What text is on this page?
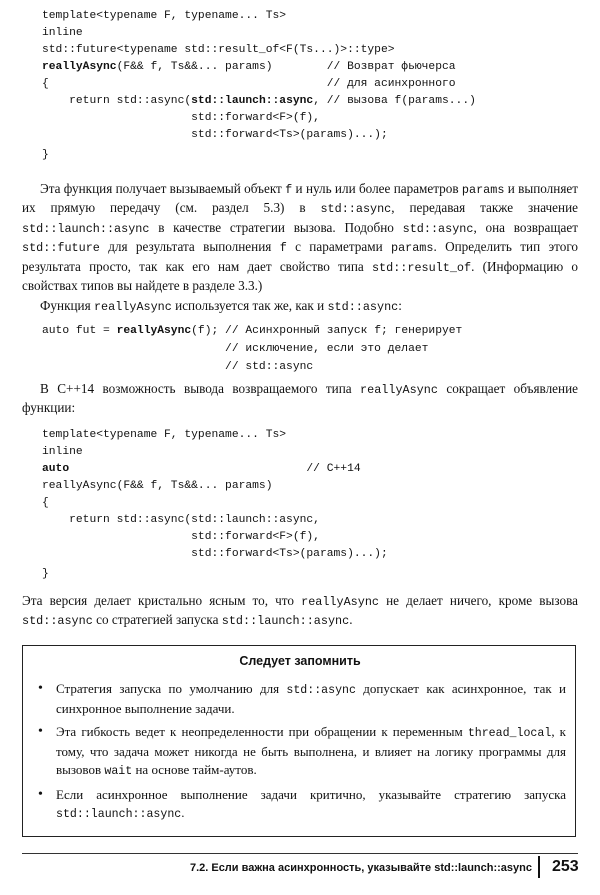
template<typename F, typename... Ts>
inline
std::future<typename std::result_of<F(Ts...)>::type>
reallyAsync(F&& f, Ts&&... params)        // Возврат фьючерса
{                                         // для асинхронного
return std::async(std::launch::async, // вызова f(params...)
std::forward<F>(f),
std::forward<Ts>(params)...);
}
Эта функция получает вызываемый объект f и нуль или более параметров params и выполняет их прямую передачу (см. раздел 5.3) в std::async, передавая также значение std::launch::async в качестве стратегии вызова. Подобно std::async, она возвращает std::future для результата выполнения f с параметрами params. Определить тип этого результата просто, так как его нам дает свойство типа std::result_of. (Информацию о свойствах типов вы найдете в разделе 3.3.)
Функция reallyAsync используется так же, как и std::async:
auto fut = reallyAsync(f); // Асинхронный запуск f; генерирует
// исключение, если это делает
// std::async
В C++14 возможность вывода возвращаемого типа reallyAsync сокращает объявление функции:
template<typename F, typename... Ts>
inline
auto                                   // C++14
reallyAsync(F&& f, Ts&&... params)
{
return std::async(std::launch::async,
std::forward<F>(f),
std::forward<Ts>(params)...);
}
Эта версия делает кристально ясным то, что reallyAsync не делает ничего, кроме вызова std::async со стратегией запуска std::launch::async.
Следует запомнить
• Стратегия запуска по умолчанию для std::async допускает как асинхронное, так и синхронное выполнение задачи.
• Эта гибкость ведет к неопределенности при обращении к переменным thread_local, к тому, что задача может никогда не быть выполнена, и влияет на логику программы для вызовов wait на основе тайм-аутов.
• Если асинхронное выполнение задачи критично, указывайте стратегию запуска std::launch::async.
7.2. Если важна асинхронность, указывайте std::launch::async 253
